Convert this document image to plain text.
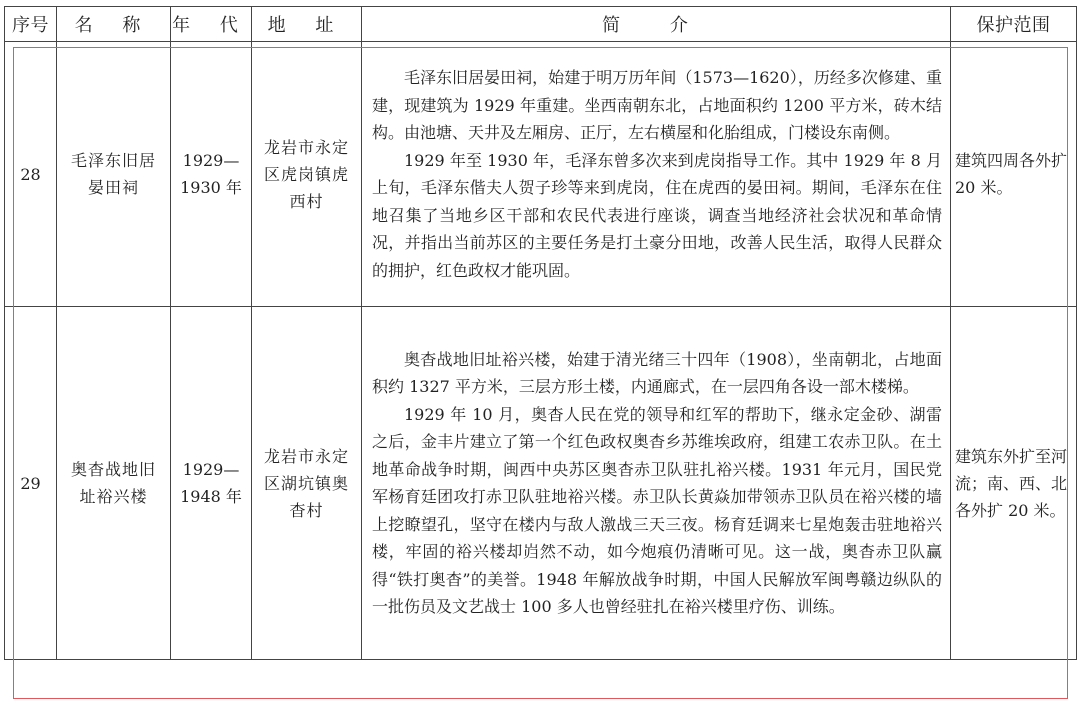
序号	名 称	年 代	地 址	简 介	保护范围
28	毛泽东旧居晏田祠	1929—1930 年	龙岩市永定区虎岗镇虎西村	毛泽东旧居晏田祠，始建于明万历年间（1573—1620），历经多次修建、重建，现建筑为 1929 年重建。坐西南朝东北，占地面积约 1200 平方米，砖木结构。由池塘、天井及左厢房、正厅，左右横屋和化胎组成，门楼设东南侧。

1929 年至 1930 年，毛泽东曾多次来到虎岗指导工作。其中 1929 年 8 月上旬，毛泽东偕夫人贺子珍等来到虎岗，住在虎西的晏田祠。期间，毛泽东在住地召集了当地乡区干部和农民代表进行座谈，调查当地经济社会状况和革命情况，并指出当前苏区的主要任务是打土豪分田地，改善人民生活，取得人民群众的拥护，红色政权才能巩固。	建筑四周各外扩 20 米。
29	奥杳战地旧址裕兴楼	1929—1948 年	龙岩市永定区湖坑镇奥杳村	奥杳战地旧址裕兴楼，始建于清光绪三十四年（1908），坐南朝北，占地面积约 1327 平方米，三层方形土楼，内通廊式，在一层四角各设一部木楼梯。

1929 年 10 月，奥杳人民在党的领导和红军的帮助下，继永定金砂、湖雷之后，金丰片建立了第一个红色政权奥杳乡苏维埃政府，组建工农赤卫队。在土地革命战争时期，闽西中央苏区奥杳赤卫队驻扎裕兴楼。1931 年元月，国民党军杨育廷团攻打赤卫队驻地裕兴楼。赤卫队长黄焱加带领赤卫队员在裕兴楼的墙上挖瞭望孔，坚守在楼内与敌人激战三天三夜。杨育廷调来七星炮轰击驻地裕兴楼，牢固的裕兴楼却岿然不动，如今炮痕仍清晰可见。这一战，奥杳赤卫队赢得“铁打奥杳”的美誉。1948 年解放战争时期，中国人民解放军闽粤赣边纵队的一批伤员及文艺战士 100 多人也曾经驻扎在裕兴楼里疗伤、训练。	建筑东外扩至河流；南、西、北各外扩 20 米。
